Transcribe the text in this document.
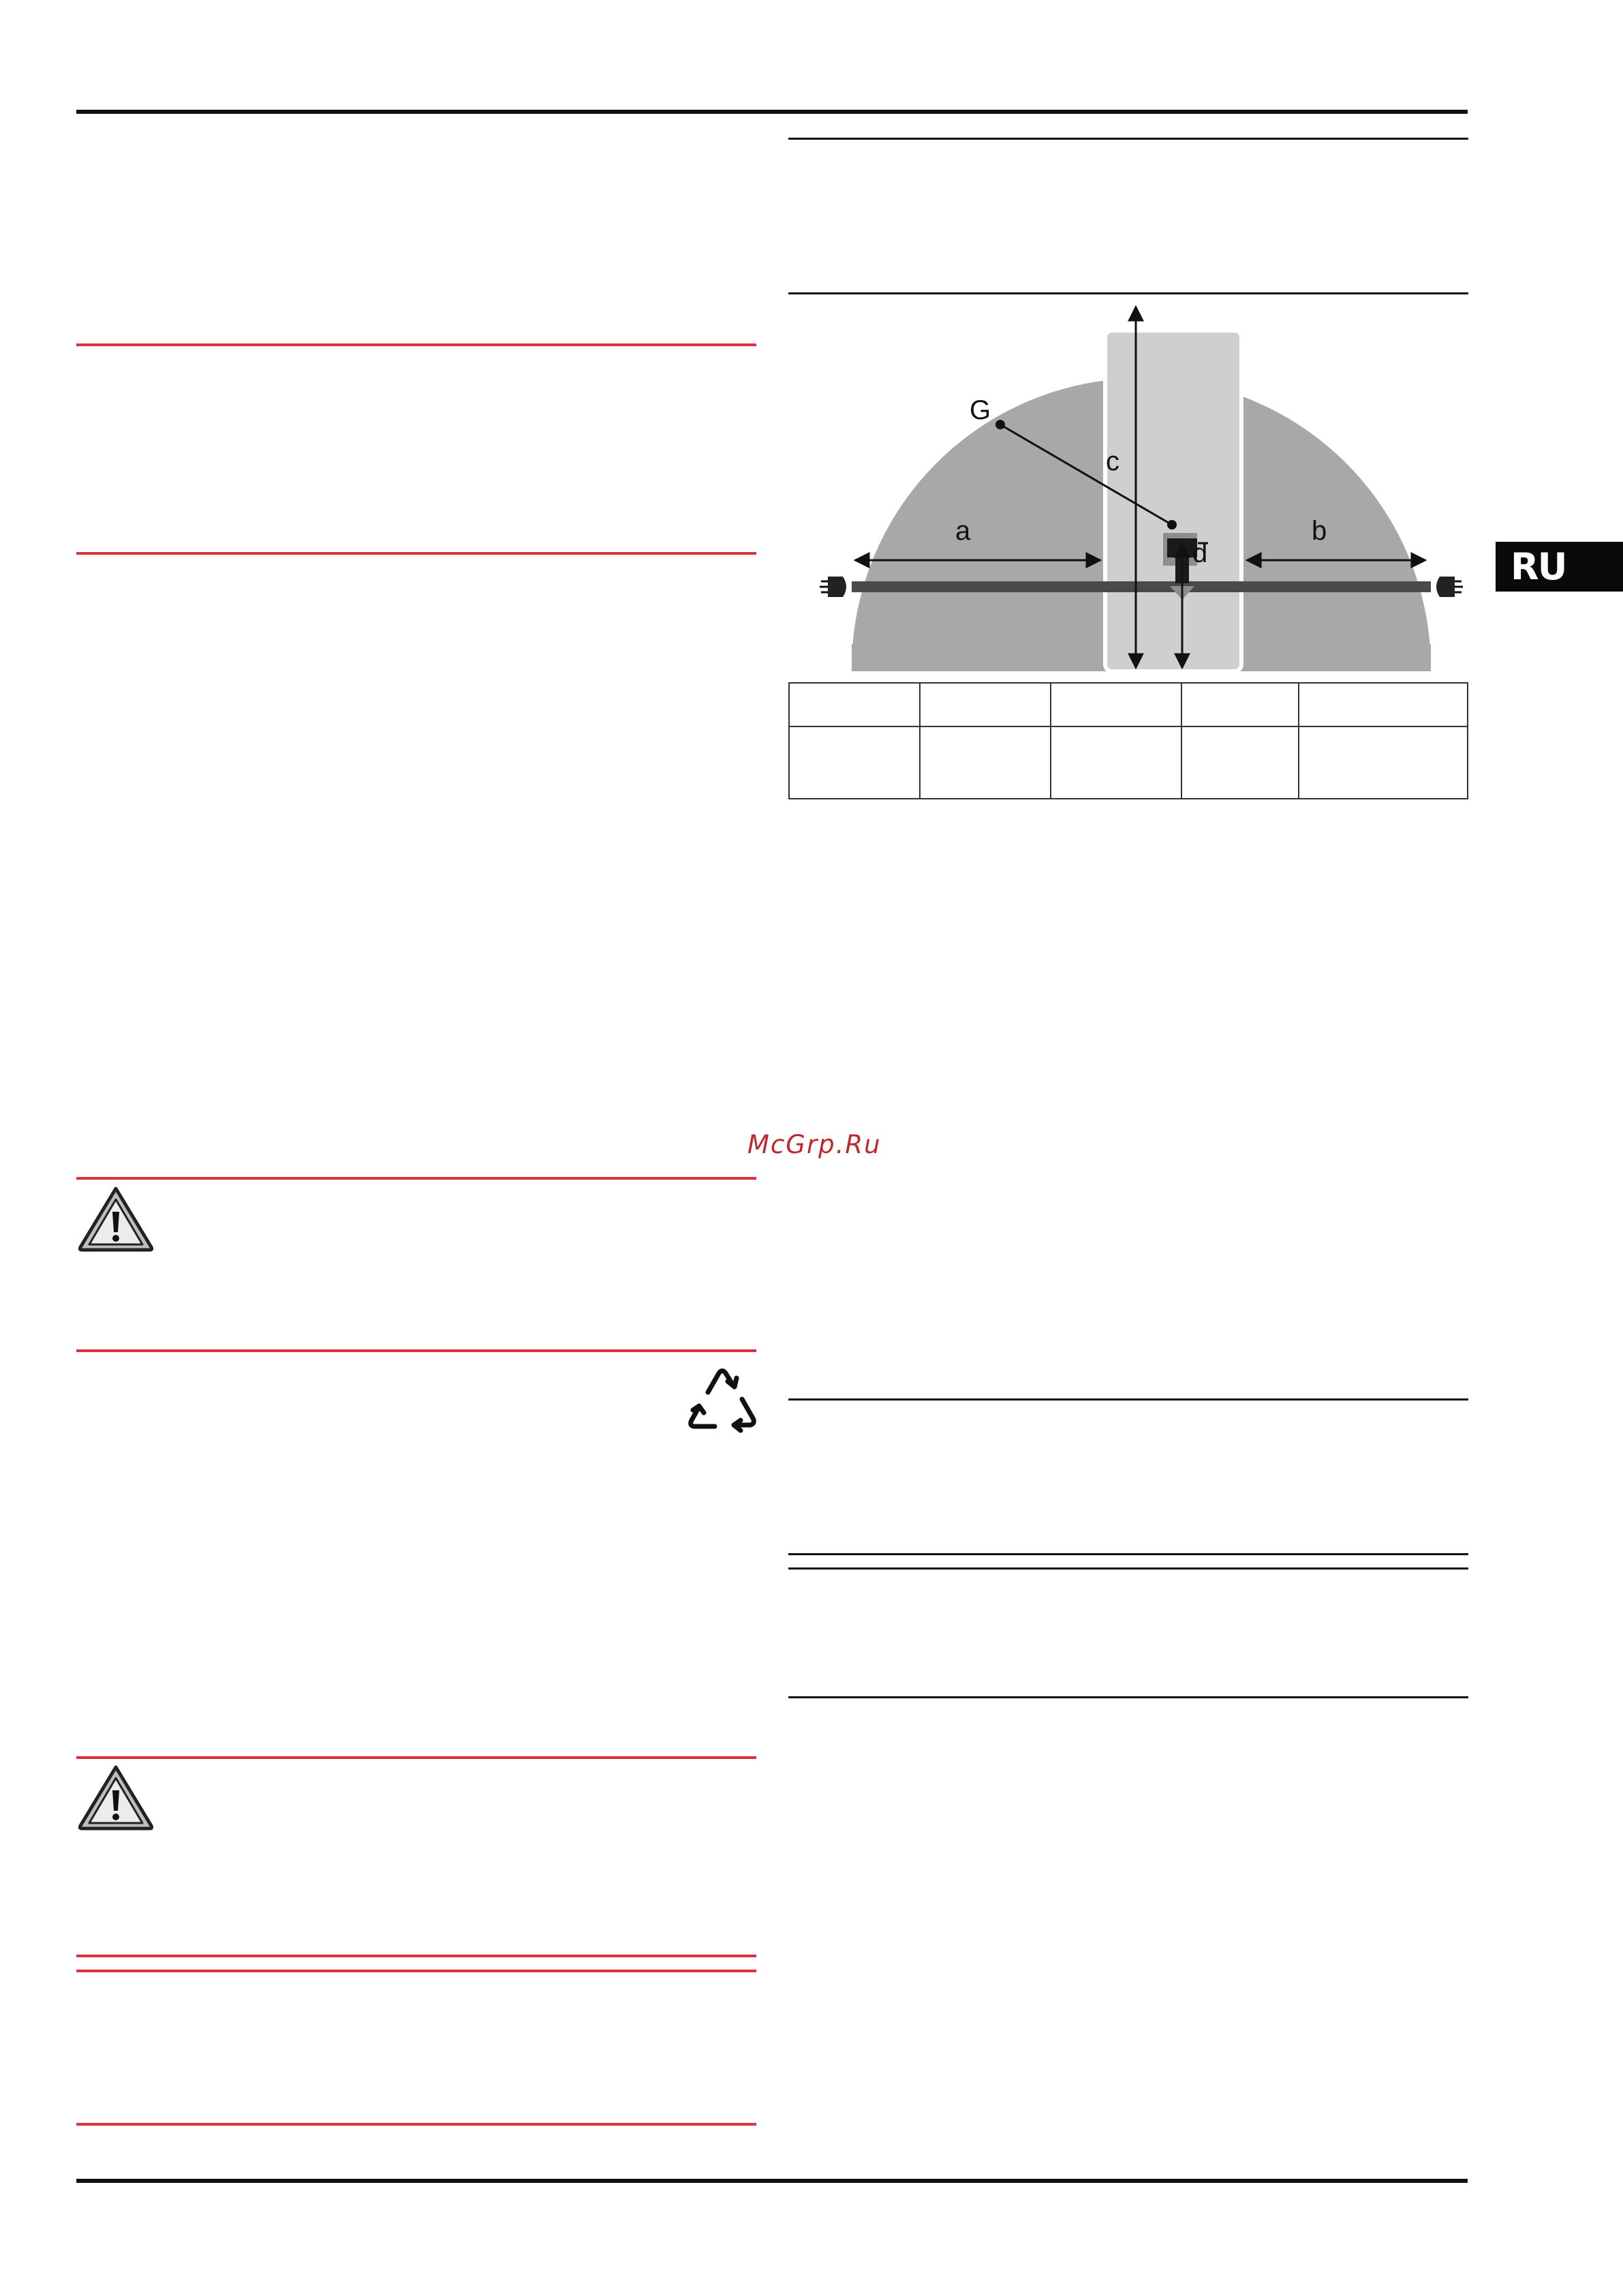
RU
McGrp.Ru
G
a	b
c
d
